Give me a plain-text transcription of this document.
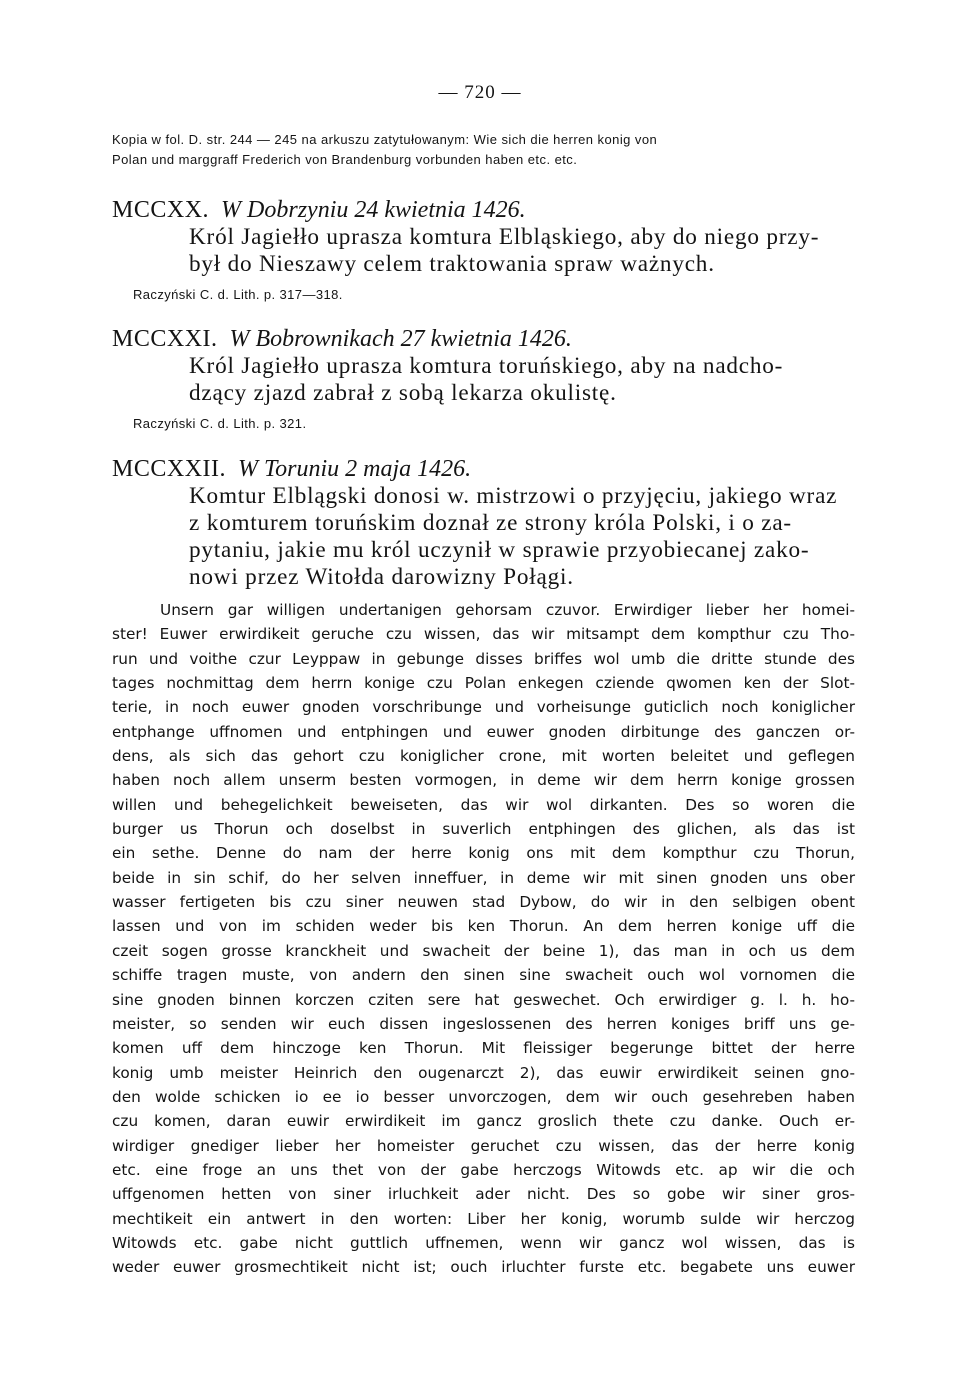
— 720 —
Kopia w fol. D. str. 244 — 245 na arkuszu zatytułowanym: Wie sich die herren konig von
Polan und marggraff Frederich von Brandenburg vorbunden haben etc. etc.
MCCXX. W Dobrzyniu 24 kwietnia 1426.
Król Jagiełło uprasza komtura Elbląskiego, aby do niego przy-
był do Nieszawy celem traktowania spraw ważnych.
Raczyński C. d. Lith. p. 317—318.
MCCXXI. W Bobrownikach 27 kwietnia 1426.
Król Jagiełło uprasza komtura toruńskiego, aby na nadcho-
dzący zjazd zabrał z sobą lekarza okulistę.
Raczyński C. d. Lith. p. 321.
MCCXXII. W Toruniu 2 maja 1426.
Komtur Elblągski donosi w. mistrzowi o przyjęciu, jakiego wraz
z komturem toruńskim doznał ze strony króla Polski, i o za-
pytaniu, jakie mu król uczynił w sprawie przyobiecanej zako-
nowi przez Witołda darowizny Połągi.
Unsern gar willigen undertanigen gehorsam czuvor. Erwirdiger lieber her homei-
ster! Euwer erwirdikeit geruche czu wissen, das wir mitsampt dem kompthur czu Tho-
run und voithe czur Leyppaw in gebunge disses briffes wol umb die dritte stunde des
tages nochmittag dem herrn konige czu Polan enkegen cziende qwomen ken der Slot-
terie, in noch euwer gnoden vorschribunge und vorheisunge guticlich noch koniglicher
entphange uffnomen und entphingen und euwer gnoden dirbitunge des ganczen or-
dens, als sich das gehort czu koniglicher crone, mit worten beleitet und geflegen
haben noch allem unserm besten vormogen, in deme wir dem herrn konige grossen
willen und behegelichkeit beweiseten, das wir wol dirkanten. Des so woren die
burger us Thorun och doselbst in suverlich entphingen des glichen, als das ist
ein sethe. Denne do nam der herre konig ons mit dem kompthur czu Thorun,
beide in sin schif, do her selven inneffuer, in deme wir mit sinen gnoden uns ober
wasser fertigeten bis czu siner neuwen stad Dybow, do wir in den selbigen obent
lassen und von im schiden weder bis ken Thorun. An dem herren konige uff die
czeit sogen grosse kranckheit und swacheit der beine 1), das man in och us dem
schiffe tragen muste, von andern den sinen sine swacheit ouch wol vornomen die
sine gnoden binnen korczen cziten sere hat geswechet. Och erwirdiger g. l. h. ho-
meister, so senden wir euch dissen ingeslossenen des herren koniges briff uns ge-
komen uff dem hinczoge ken Thorun. Mit fleissiger begerunge bittet der herre
konig umb meister Heinrich den ougenarczt 2), das euwir erwirdikeit seinen gno-
den wolde schicken io ee io besser unvorczogen, dem wir ouch gesehreben haben
czu komen, daran euwir erwirdikeit im gancz groslich thete czu danke. Ouch er-
wirdiger gnediger lieber her homeister geruchet czu wissen, das der herre konig
etc. eine froge an uns thet von der gabe herczogs Witowds etc. ap wir die och
uffgenomen hetten von siner irluchkeit ader nicht. Des so gobe wir siner gros-
mechtikeit ein antwert in den worten: Liber her konig, worumb sulde wir herczog
Witowds etc. gabe nicht guttlich uffnemen, wenn wir gancz wol wissen, das is
weder euwer grosmechtikeit nicht ist; ouch irluchter furste etc. begabete uns euwer
